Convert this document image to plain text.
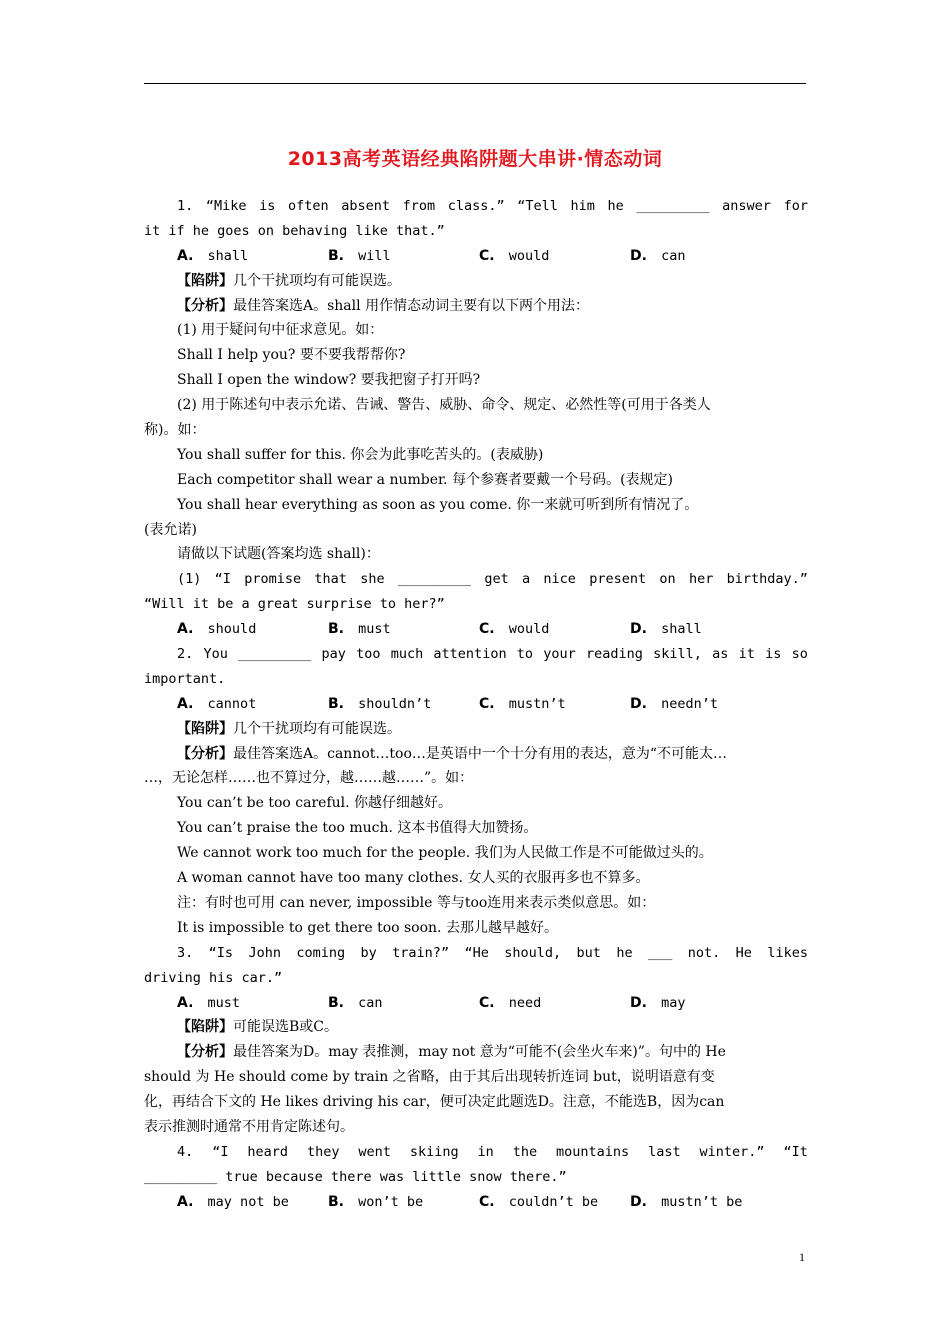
2013高考英语经典陷阱题大串讲·情态动词
1. “Mike is often absent from class.” “Tell him he _________ answer for
it if he goes on behaving like that.”
A. shall	B. will	C. would	D. can
【陷阱】几个干扰项均有可能误选。
【分析】最佳答案选A。shall 用作情态动词主要有以下两个用法：
(1) 用于疑问句中征求意见。如：
Shall I help you? 要不要我帮帮你?
Shall I open the window? 要我把窗子打开吗?
(2) 用于陈述句中表示允诺、告诫、警告、威胁、命令、规定、必然性等(可用于各类人
称)。如：
You shall suffer for this. 你会为此事吃苦头的。(表威胁)
Each competitor shall wear a number. 每个参赛者要戴一个号码。(表规定)
You shall hear everything as soon as you come. 你一来就可听到所有情况了。
(表允诺)
请做以下试题(答案均选 shall)：
(1) “I promise that she _________ get a nice present on her birthday.”
“Will it be a great surprise to her?”
A. should	B. must	C. would	D. shall
2. You _________ pay too much attention to your reading skill, as it is so
important.
A. cannot	B. shouldn’t	C. mustn’t	D. needn’t
【陷阱】几个干扰项均有可能误选。
【分析】最佳答案选A。cannot…too…是英语中一个十分有用的表达，意为“不可能太…
…，无论怎样……也不算过分，越……越……”。如：
You can’t be too careful. 你越仔细越好。
You can’t praise the too much. 这本书值得大加赞扬。
We cannot work too much for the people. 我们为人民做工作是不可能做过头的。
A woman cannot have too many clothes. 女人买的衣服再多也不算多。
注：有时也可用 can never, impossible 等与too连用来表示类似意思。如：
It is impossible to get there too soon. 去那儿越早越好。
3. “Is John coming by train?” “He should, but he ___ not. He likes
driving his car.”
A. must	B. can	C. need	D. may
【陷阱】可能误选B或C。
【分析】最佳答案为D。may 表推测，may not 意为“可能不(会坐火车来)”。句中的 He
should 为 He should come by train 之省略，由于其后出现转折连词 but，说明语意有变
化，再结合下文的 He likes driving his car，便可决定此题选D。注意，不能选B，因为can
表示推测时通常不用肯定陈述句。
4. “I heard they went skiing in the mountains last winter.” “It
_________ true because there was little snow there.”
A. may not be	B. won’t be	C. couldn’t be	D. mustn’t be
1
